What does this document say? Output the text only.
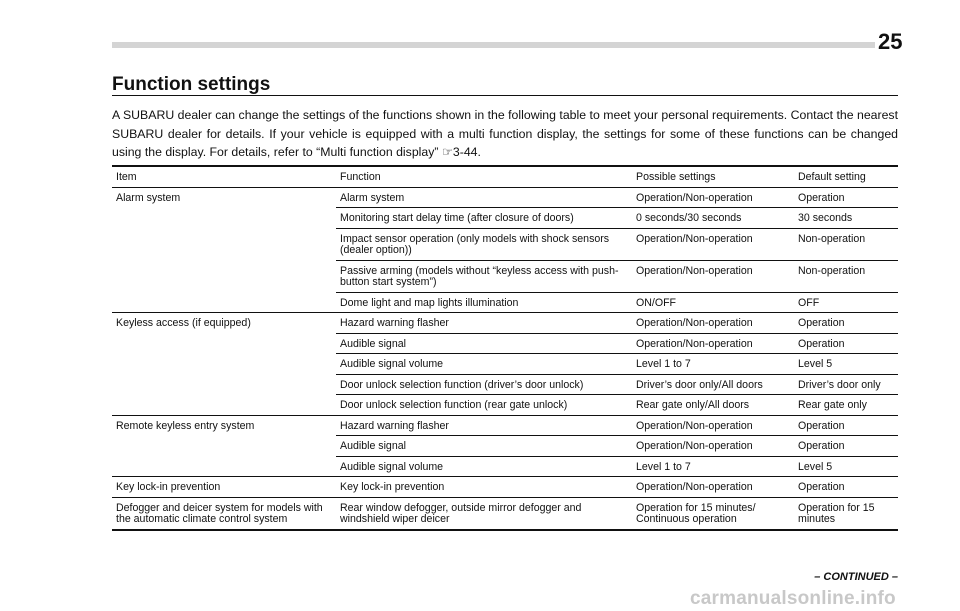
25
Function settings

A SUBARU dealer can change the settings of the functions shown in the following table to meet your personal requirements. Contact the nearest SUBARU dealer for details. If your vehicle is equipped with a multi function display, the settings for some of these functions can be changed using the display. For details, refer to “Multi function display” ☞3-44.

Item	Function	Possible settings	Default setting
Alarm system	Alarm system	Operation/Non-operation	Operation
	Monitoring start delay time (after closure of doors)	0 seconds/30 seconds	30 seconds
	Impact sensor operation (only models with shock sensors (dealer option))	Operation/Non-operation	Non-operation
	Passive arming (models without “keyless access with push-button start system”)	Operation/Non-operation	Non-operation
	Dome light and map lights illumination	ON/OFF	OFF
Keyless access (if equipped)	Hazard warning flasher	Operation/Non-operation	Operation
	Audible signal	Operation/Non-operation	Operation
	Audible signal volume	Level 1 to 7	Level 5
	Door unlock selection function (driver’s door unlock)	Driver’s door only/All doors	Driver’s door only
	Door unlock selection function (rear gate unlock)	Rear gate only/All doors	Rear gate only
Remote keyless entry system	Hazard warning flasher	Operation/Non-operation	Operation
	Audible signal	Operation/Non-operation	Operation
	Audible signal volume	Level 1 to 7	Level 5
Key lock-in prevention	Key lock-in prevention	Operation/Non-operation	Operation
Defogger and deicer system for models with the automatic climate control system	Rear window defogger, outside mirror defogger and windshield wiper deicer	Operation for 15 minutes/ Continuous operation	Operation for 15 minutes
– CONTINUED –
carmanualsonline.info
